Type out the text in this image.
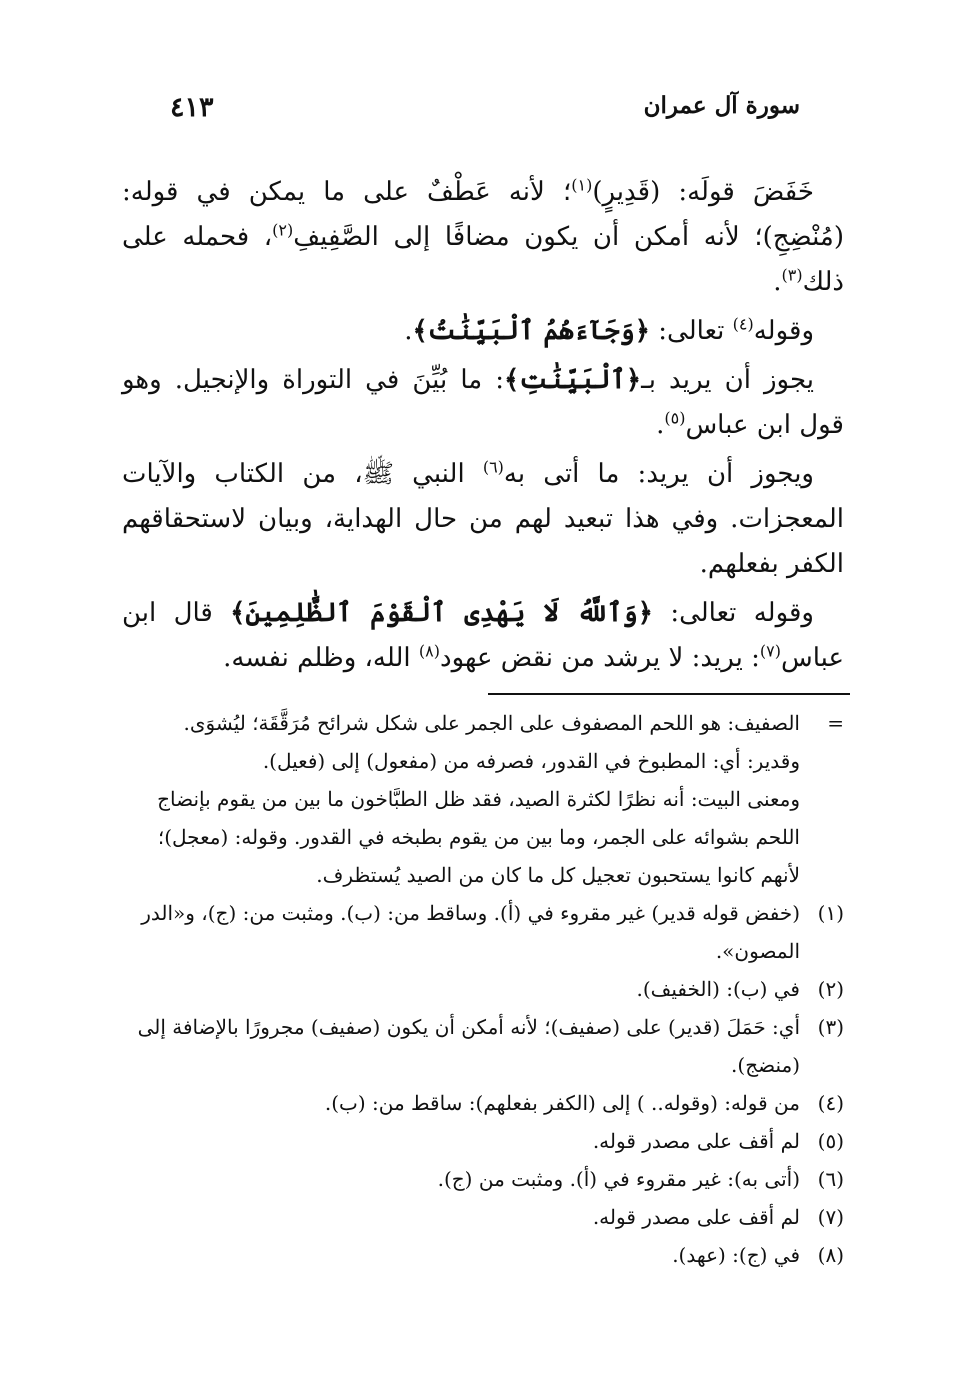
٤١٣	سورة آل عمران

خَفَضَ قولَه: (قَدِيرٍ)$^{(١)}$؛ لأنه عَطْفٌ على ما يمكن في قوله: (مُنْضِجِ)؛ لأنه أمكن أن يكون مضافًا إلى الصَّفِيفِ$^{(٢)}$، فحمله على ذلك$^{(٣)}$.

وقوله$^{(٤)}$ تعالى: ﴿وَجَآءَهُمُ ٱلْبَيِّنَٰتُ﴾.

يجوز أن يريد بـ﴿ٱلْبَيِّنَٰتِ﴾: ما بُيِّنَ في التوراة والإنجيل. وهو قول ابن عباس$^{(٥)}$.

ويجوز أن يريد: ما أتى به$^{(٦)}$ النبي ﷺ، من الكتاب والآيات المعجزات. وفي هذا تبعيد لهم من حال الهداية، وبيان لاستحقاقهم الكفر بفعلهم.

وقوله تعالى: ﴿وَٱللَّهُ لَا يَهْدِى ٱلْقَوْمَ ٱلظَّٰلِمِينَ﴾ قال ابن عباس$^{(٧)}$: يريد: لا يرشد من نقض عهود$^{(٨)}$ الله، وظلم نفسه.

=
الصفيف: هو اللحم المصفوف على الجمر على شكل شرائح مُرَقَّقَة؛ ليُشوَى.
وقدير: أي: المطبوخ في القدور، فصرفه من (مفعول) إلى (فعيل).
ومعنى البيت: أنه نظرًا لكثرة الصيد، فقد ظل الطبَّاخون ما بين من يقوم بإنضاج اللحم بشوائه على الجمر، وما بين من يقوم بطبخه في القدور. وقوله: (معجل)؛ لأنهم كانوا يستحبون تعجيل كل ما كان من الصيد يُستظرف.
(١)
(خفض قوله قدير) غير مقروء في (أ). وساقط من: (ب). ومثبت من: (ج)، و«الدر المصون».
(٢)
في (ب): (الخفيف).
(٣)
أي: حَمَلَ (قدير) على (صفيف)؛ لأنه أمكن أن يكون (صفيف) مجرورًا بالإضافة إلى (منضج).
(٤)
من قوله: (وقوله.. ) إلى (الكفر بفعلهم): ساقط من: (ب).
(٥)
لم أقف على مصدر قوله.
(٦)
(أتى به): غير مقروء في (أ). ومثبت من (ج).
(٧)
لم أقف على مصدر قوله.
(٨)
في (ج): (عهد).
